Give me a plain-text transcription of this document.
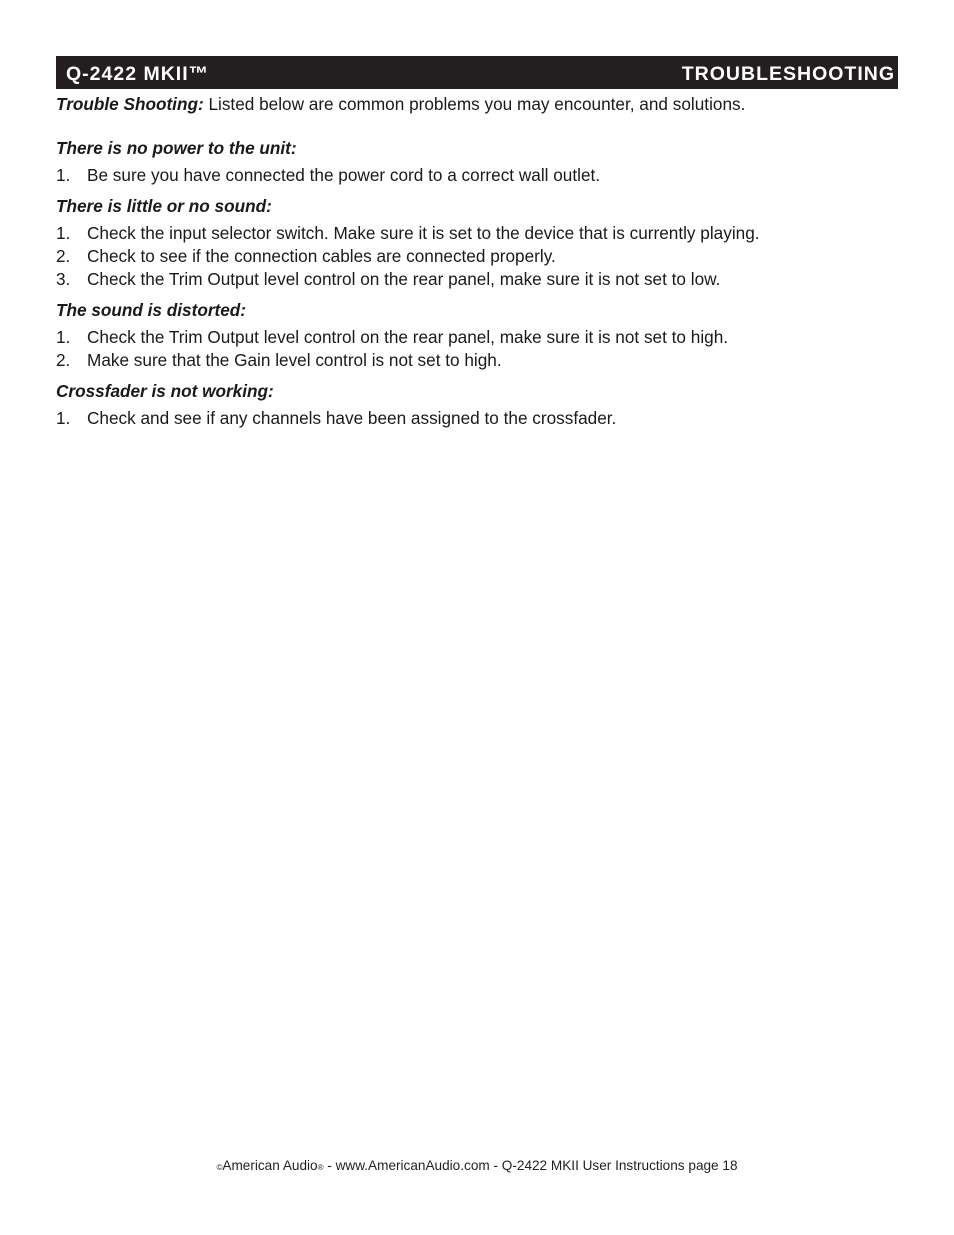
Q-2422 MKII™	TROUBLESHOOTING

Trouble Shooting: Listed below are common problems you may encounter, and solutions.

There is no power to the unit:
1. Be sure you have connected the power cord to a correct wall outlet.
There is little or no sound:
1. Check the input selector switch. Make sure it is set to the device that is currently playing.
2. Check to see if the connection cables are connected properly.
3. Check the Trim Output level control on the rear panel, make sure it is not set to low.
The sound is distorted:
1. Check the Trim Output level control on the rear panel, make sure it is not set to high.
2. Make sure that the Gain level control is not set to high.
Crossfader is not working:
1. Check and see if any channels have been assigned to the crossfader.
©American Audio® - www.AmericanAudio.com - Q-2422 MKII User Instructions page 18
